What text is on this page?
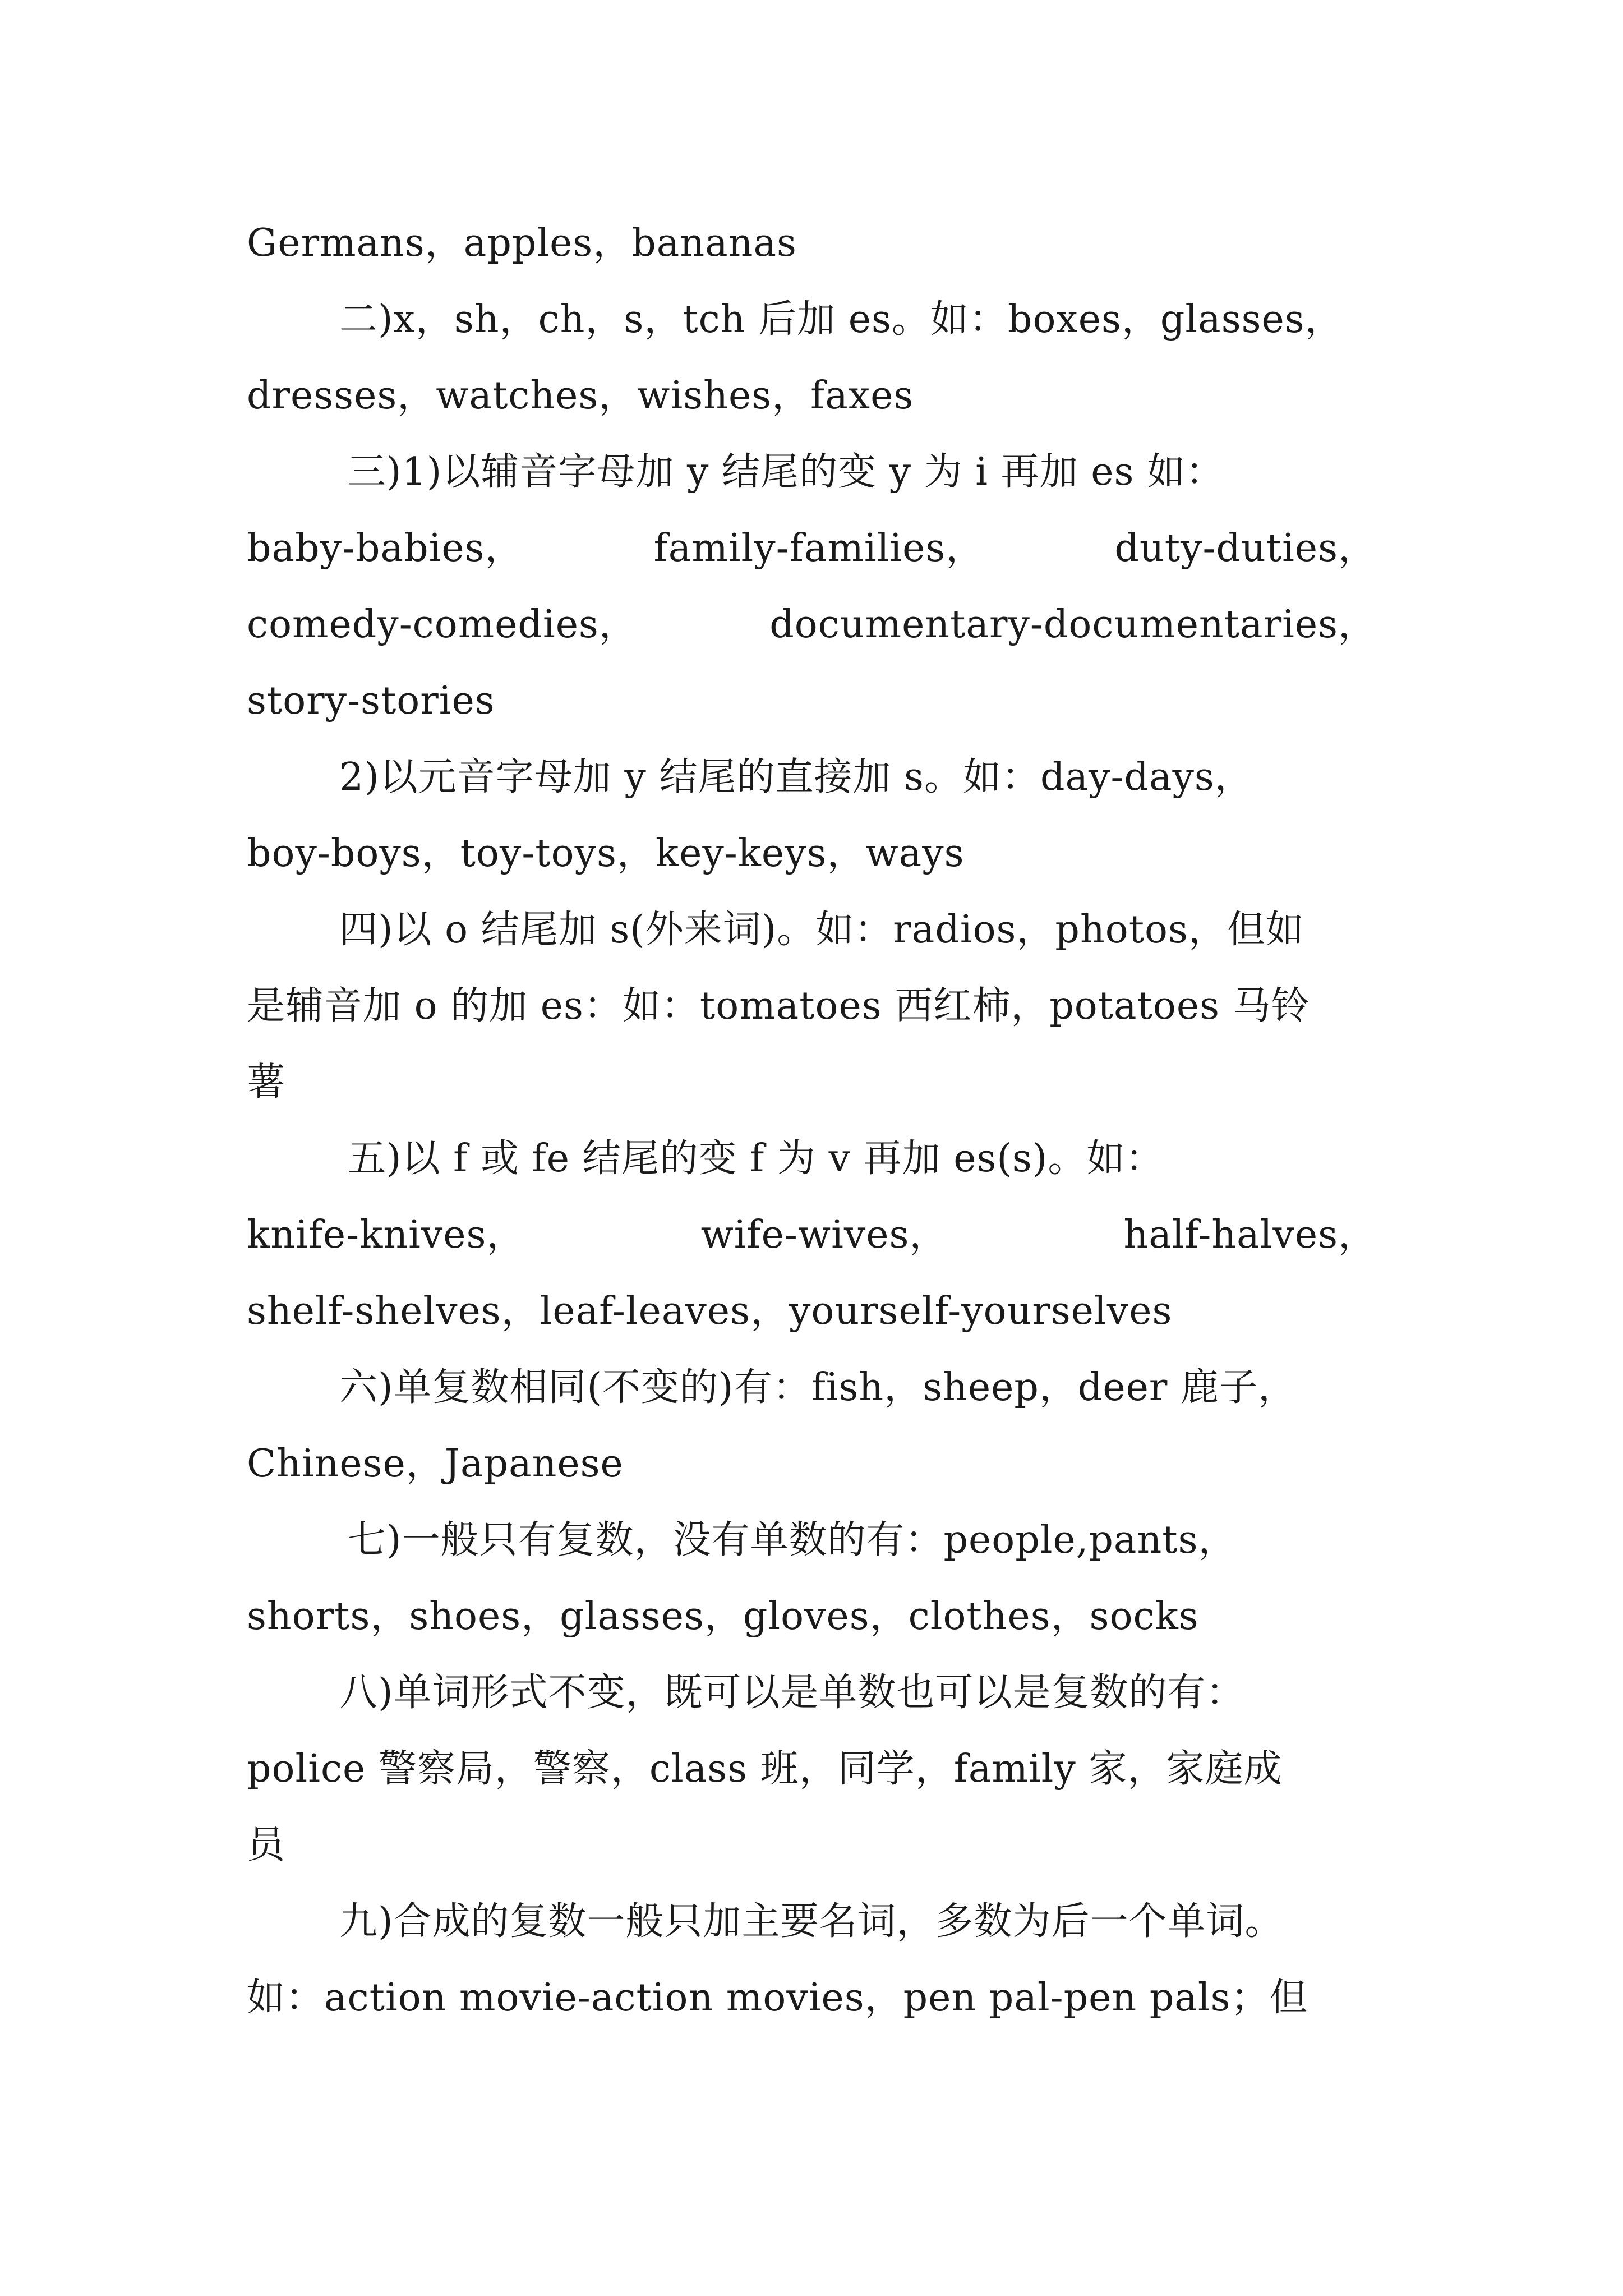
Germans，apples，bananas
二)x，sh，ch，s，tch 后加 es。如：boxes，glasses，
dresses，watches，wishes，faxes
三)1)以辅音字母加 y 结尾的变 y 为 i 再加 es 如：
baby-babies，	family-families，	duty-duties，
comedy-comedies，	documentary-documentaries，
story-stories
2)以元音字母加 y 结尾的直接加 s。如：day-days，
boy-boys，toy-toys，key-keys，ways
四)以 o 结尾加 s(外来词)。如：radios，photos，但如
是辅音加 o 的加 es：如：tomatoes 西红柿，potatoes 马铃
薯
五)以 f 或 fe 结尾的变 f 为 v 再加 es(s)。如：
knife-knives，	wife-wives，	half-halves，
shelf-shelves，leaf-leaves，yourself-yourselves
六)单复数相同(不变的)有：fish，sheep，deer 鹿子，
Chinese，Japanese
七)一般只有复数，没有单数的有：people,pants，
shorts，shoes，glasses，gloves，clothes，socks
八)单词形式不变，既可以是单数也可以是复数的有：
police 警察局，警察，class 班，同学，family 家，家庭成
员
九)合成的复数一般只加主要名词，多数为后一个单词。
如：action movie-action movies，pen pal-pen pals；但
